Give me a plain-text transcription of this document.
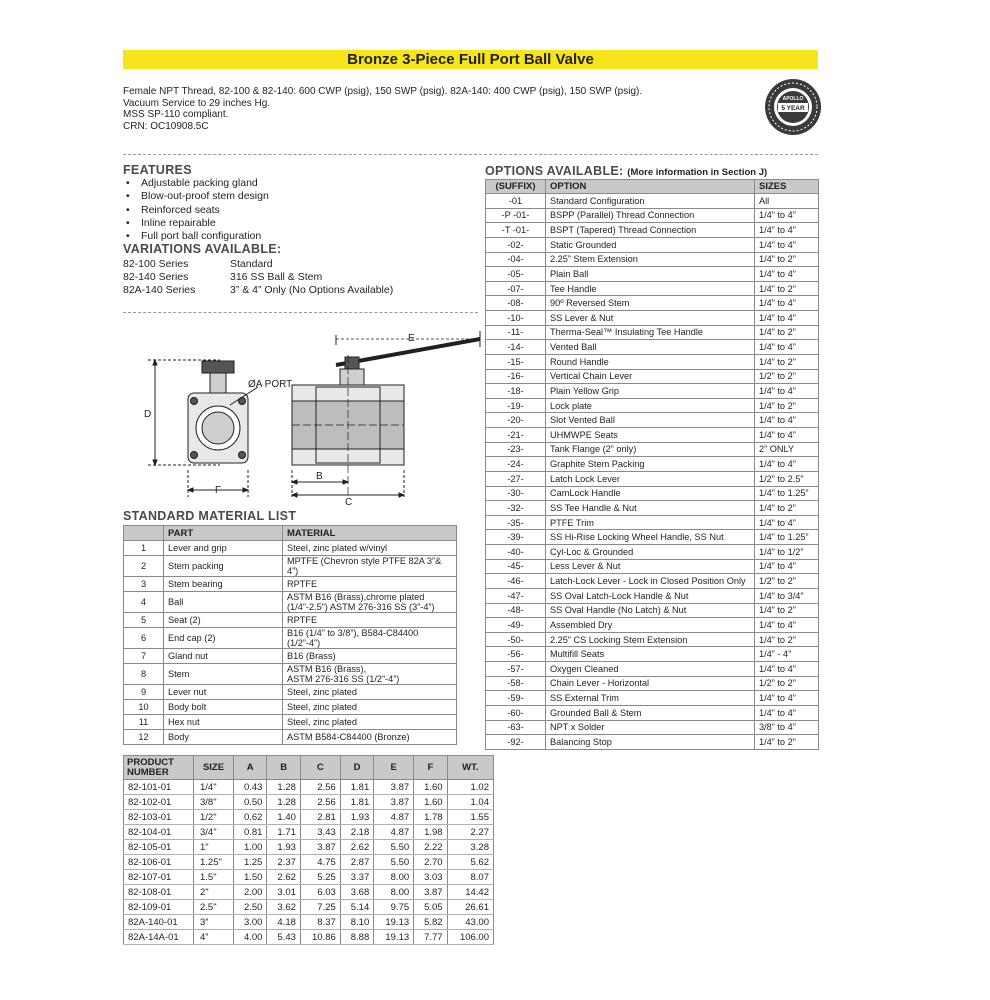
Bronze 3-Piece Full Port Ball Valve
Female NPT Thread, 82-100 & 82-140: 600 CWP (psig), 150 SWP (psig). 82A-140: 400 CWP (psig), 150 SWP (psig).
Vacuum Service to 29 inches Hg.
MSS SP-110 compliant.
CRN: OC10908.5C
5 YEAR
APOLLO
FEATURES
• Adjustable packing gland
• Blow-out-proof stem design
• Reinforced seats
• Inline repairable
• Full port ball configuration
VARIATIONS AVAILABLE:
82-100 Series	Standard
82-140 Series	316 SS Ball & Stem
82A-140 Series	3” & 4” Only (No Options Available)
D
F
ØA PORT
E
B
C
STANDARD MATERIAL LIST
	PART	MATERIAL
1	Lever and grip	Steel, zinc plated w/vinyl

2	Stem packing	MPTFE (Chevron style PTFE 82A 3”& 4”)

3	Stem bearing	RPTFE

4	Ball	ASTM B16 (Brass),chrome plated
(1/4”-2.5”) ASTM 276-316 SS (3”-4”)

5	Seat (2)	RPTFE

6	End cap (2)	B16 (1/4” to 3/8”), B584-C84400
(1/2”-4”)

7	Gland nut	B16 (Brass)

8	Stem	ASTM B16 (Brass),
ASTM 276-316 SS (1/2”-4”)

9	Lever nut	Steel, zinc plated

10	Body bolt	Steel, zinc plated

11	Hex nut	Steel, zinc plated

12	Body	ASTM B584-C84400 (Bronze)
PRODUCT NUMBER	SIZE	A	B	C	D	E	F	WT.
82-101-01	1/4"	0.43	1.28	2.56	1.81	3.87	1.60	1.02
82-102-01	3/8"	0.50	1.28	2.56	1.81	3.87	1.60	1.04
82-103-01	1/2"	0.62	1.40	2.81	1.93	4.87	1.78	1.55
82-104-01	3/4"	0.81	1.71	3.43	2.18	4.87	1.98	2.27
82-105-01	1"	1.00	1.93	3.87	2.62	5.50	2.22	3.28
82-106-01	1.25"	1.25	2.37	4.75	2.87	5.50	2.70	5.62
82-107-01	1.5"	1.50	2.62	5.25	3.37	8.00	3.03	8.07
82-108-01	2"	2.00	3.01	6.03	3.68	8.00	3.87	14.42
82-109-01	2.5"	2.50	3.62	7.25	5.14	9.75	5.05	26.61
82A-140-01	3”	3.00	4.18	8.37	8.10	19.13	5.82	43.00
82A-14A-01	4”	4.00	5.43	10.86	8.88	19.13	7.77	106.00
OPTIONS AVAILABLE: (More information in Section J)
(SUFFIX)	OPTION	SIZES
-01	Standard Configuration	All
-P -01-	BSPP (Parallel) Thread Connection	1/4” to 4”
-T -01-	BSPT (Tapered) Thread Connection	1/4” to 4”
-02-	Static Grounded	1/4” to 4”
-04-	2.25” Stem Extension	1/4” to 2”
-05-	Plain Ball	1/4” to 4”
-07-	Tee Handle	1/4” to 2”
-08-	90º Reversed Stem	1/4” to 4”
-10-	SS Lever & Nut	1/4” to 4”
-11-	Therma-Seal™ Insulating Tee Handle	1/4” to 2”
-14-	Vented Ball	1/4” to 4”
-15-	Round Handle	1/4” to 2”
-16-	Vertical Chain Lever	1/2” to 2”
-18-	Plain Yellow Grip	1/4” to 4”
-19-	Lock plate	1/4” to 2”
-20-	Slot Vented Ball	1/4” to 4”
-21-	UHMWPE Seats	1/4” to 4”
-23-	Tank Flange (2” only)	2” ONLY
-24-	Graphite Stem Packing	1/4” to 4”
-27-	Latch Lock Lever	1/2” to 2.5”
-30-	CamLock Handle	1/4” to 1.25”
-32-	SS Tee Handle & Nut	1/4” to 2”
-35-	PTFE Trim	1/4” to 4”
-39-	SS Hi-Rise Locking Wheel Handle, SS Nut	1/4” to 1.25”
-40-	Cyl-Loc & Grounded	1/4” to 1/2”
-45-	Less Lever & Nut	1/4” to 4”
-46-	Latch-Lock Lever - Lock in Closed Position Only	1/2” to 2”
-47-	SS Oval Latch-Lock Handle & Nut	1/4” to 3/4”
-48-	SS Oval Handle (No Latch) & Nut	1/4” to 2”
-49-	Assembled Dry	1/4” to 4”
-50-	2.25” CS Locking Stem Extension	1/4” to 2”
-56-	Multifill Seats	1/4” - 4”
-57-	Oxygen Cleaned	1/4” to 4”
-58-	Chain Lever - Horizontal	1/2” to 2”
-59-	SS External Trim	1/4” to 4”
-60-	Grounded Ball & Stem	1/4” to 4”
-63-	NPT x Solder	3/8” to 4”
-92-	Balancing Stop	1/4” to 2”
